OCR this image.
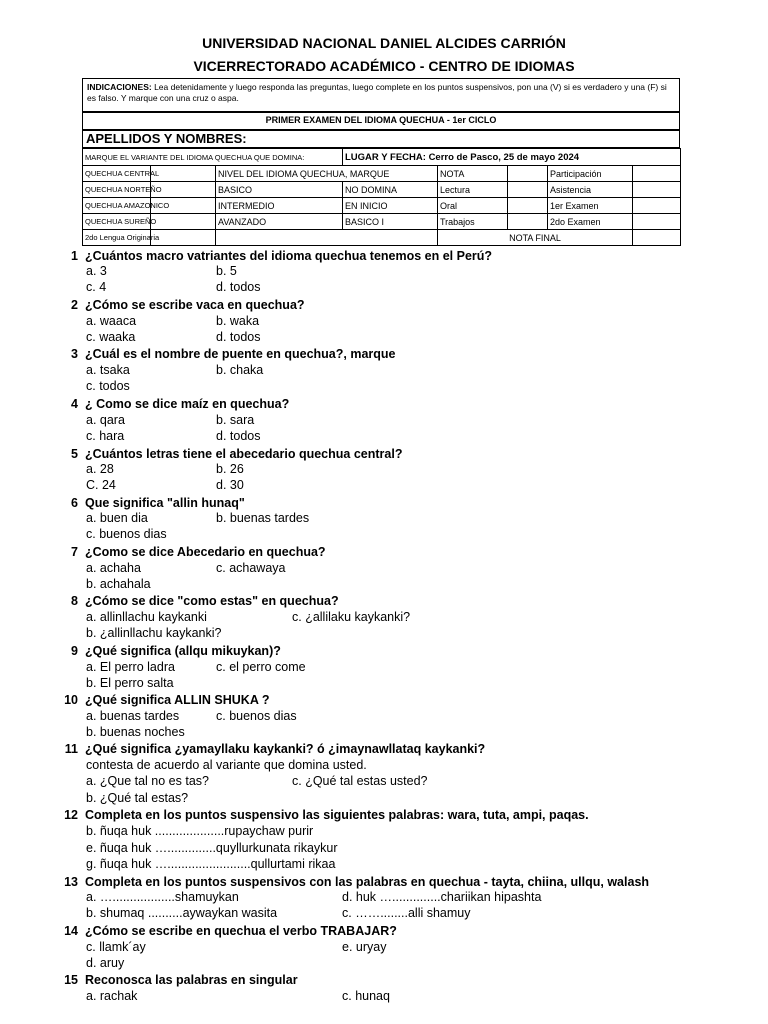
UNIVERSIDAD NACIONAL DANIEL ALCIDES CARRIÓN
VICERRECTORADO ACADÉMICO - CENTRO DE IDIOMAS
INDICACIONES: Lea detenidamente y luego responda las preguntas, luego complete en los puntos suspensivos, pon una (V) si es verdadero y una (F) si es falso. Y marque con una cruz o aspa.
PRIMER EXAMEN DEL IDIOMA QUECHUA - 1er CICLO
APELLIDOS Y NOMBRES:
MARQUE EL VARIANTE DEL IDIOMA QUECHUA QUE DOMINA:			LUGAR Y FECHA: Cerro de Pasco, 25 de mayo 2024				
QUECHUA CENTRAL		NIVEL DEL IDIOMA QUECHUA, MARQUE		NOTA		Participación	
QUECHUA NORTEÑO		BASICO	NO DOMINA	Lectura		Asistencia	
QUECHUA AMAZONICO		INTERMEDIO	EN INICIO	Oral		1er Examen	
QUECHUA SUREÑO		AVANZADO	BASICO I	Trabajos		2do Examen	
2do Lengua Originaria				NOTA FINAL			
1 ¿Cuántos macro vatriantes del idioma quechua tenemos en el Perú?
a. 3	b. 5
c. 4	d. todos
2 ¿Cómo se escribe vaca en quechua?
a. waaca	b. waka
c. waaka	d. todos
3 ¿Cuál es el nombre de puente en quechua?, marque
a. tsaka	b. chaka
c. todos
4 ¿ Como se dice maíz en quechua?
a. qara	b. sara
c. hara	d. todos
5 ¿Cuántos letras tiene el abecedario quechua central?
a. 28	b. 26
C. 24	d. 30
6 Que significa "allin hunaq"
a. buen dia	b. buenas tardes
c. buenos dias
7 ¿Como se dice Abecedario en quechua?
a. achaha	c. achawaya
b. achahala
8 ¿Cómo se dice "como estas" en quechua?
a. allinllachu kaykanki	c. ¿allilaku kaykanki?
b. ¿allinllachu kaykanki?
9 ¿Qué significa (allqu mikuykan)?
a. El perro ladra	c. el perro come
b. El perro salta
10 ¿Qué significa ALLIN SHUKA ?
a. buenas tardes	c. buenos dias
b. buenas noches
11 ¿Qué significa ¿yamayllaku kaykanki? ó ¿imaynawllataq kaykanki?
contesta de acuerdo al variante que domina usted.
a. ¿Que tal no es tas?	c. ¿Qué tal estas usted?
b. ¿Qué tal estas?
12 Completa en los puntos suspensivo las siguientes palabras: wara, tuta, ampi, paqas.
b. ñuqa huk ....................rupaychaw purir
e. ñuqa huk …..............quyllurkunata rikaykur
g. ñuqa huk …........................qullurtami rikaa
13 Completa en los puntos suspensivos con las palabras en quechua - tayta, chiina, ullqu, walash
a. …..................shamuykan	d. huk …..............chariikan hipashta
b. shumaq ..........aywaykan wasita	c. ……........alli shamuy
14 ¿Cómo se escribe en quechua el verbo TRABAJAR?
c. llamk´ay	e. uryay
d. aruy
15 Reconosca las palabras en singular
a. rachak	c. hunaq
